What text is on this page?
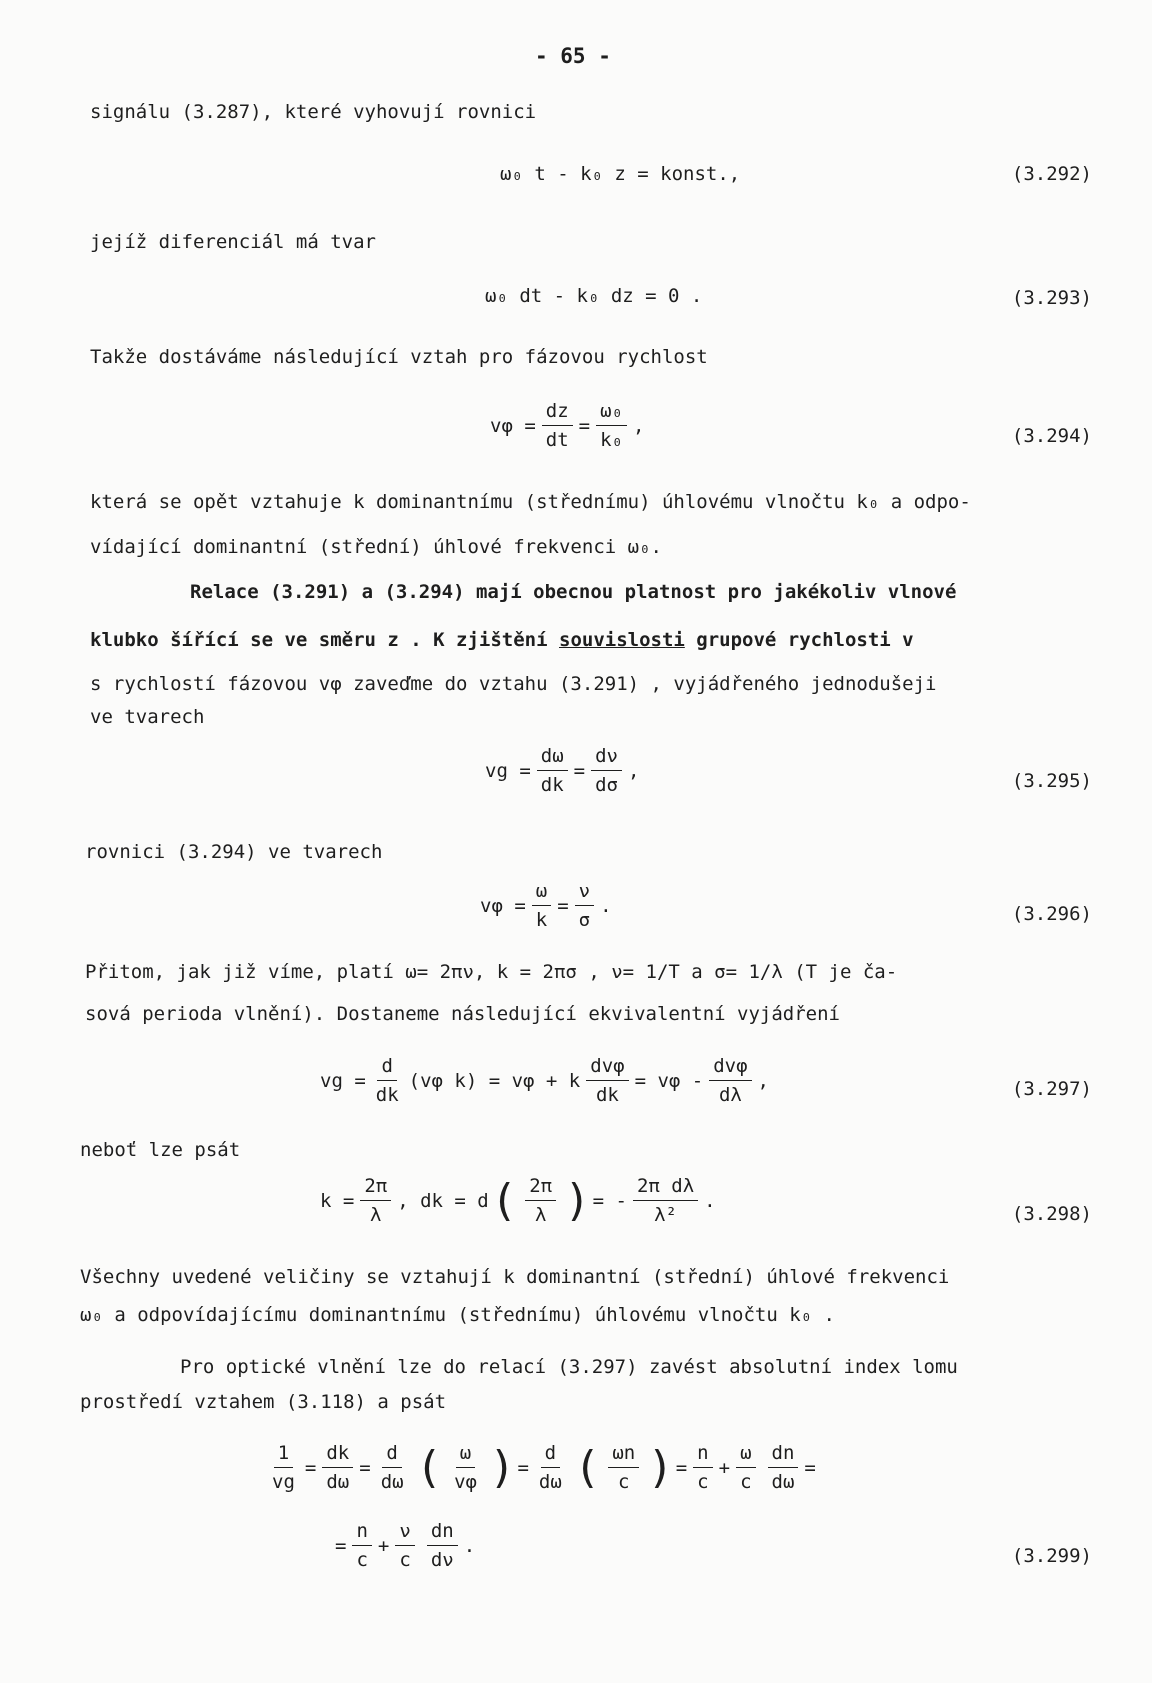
- 65 -
signálu (3.287), které vyhovují rovnici
ω₀ t - k₀ z = konst.,	(3.292)
jejíž diferenciál má tvar
ω₀ dt - k₀ dz = 0 .	(3.293)
Takže dostáváme následující vztah pro fázovou rychlost
$v\varphi = \frac{dz}{dt} = \frac{\text{ω₀}}{\text{k₀}}$ ,	(3.294)
která se opět vztahuje k dominantnímu (střednímu) úhlovému vlnočtu k₀ a odpo-
vídající dominantní (střední) úhlové frekvenci ω₀.
Relace (3.291) a (3.294) mají obecnou platnost pro jakékoliv vlnové
klubko šířící se ve směru z . K zjištění souvislosti grupové rychlosti v
s rychlostí fázovou vφ zaveďme do vztahu (3.291) , vyjádřeného jednodušeji
ve tvarech
vg = $\frac{d\omega}{dk} = \frac{d\nu}{d\sigma}$ ,	(3.295)
rovnici (3.294) ve tvarech
$v\varphi = \frac{\omega}{k} = \frac{\nu}{\sigma}$ .	(3.296)
Přitom, jak již víme, platí ω= 2πν, k = 2πσ , ν= 1/T a σ= 1/λ (T je ča-
sová perioda vlnění). Dostaneme následující ekvivalentní vyjádření
vg = $\frac{d}{dk} (v\varphi$ k) = vφ + k $\frac{\text{dvφ}}{dk} = v\varphi - \frac{\text{dvφ}}{d\lambda}$ ,	(3.297)
neboť lze psát
$k = \frac{2\pi}{\lambda}$ , dk = d ( $\frac{2\pi}{\lambda}$ ) = - $\frac{\text{2π dλ}}{\text{λ²}}$ .
(3.298)
Všechny uvedené veličiny se vztahují k dominantní (střední) úhlové frekvenci
ω₀ a odpovídajícímu dominantnímu (střednímu) úhlovému vlnočtu k₀ .
Pro optické vlnění lze do relací (3.297) zavést absolutní index lomu
prostředí vztahem (3.118) a psát
$\frac{1}{vg} = \frac{dk}{d\omega} = \frac{d}{d\omega}$ ( $\frac{\omega}{v\varphi}$ ) = $\frac{d}{d\omega}$ ( $\frac{\omega n}{c}$ ) = $\frac{n}{c} + \frac{\omega}{c} \frac{dn}{d\omega}$ =
= $\frac{n}{c} + \frac{\nu}{c} \frac{dn}{d\nu}$ .	(3.299)
